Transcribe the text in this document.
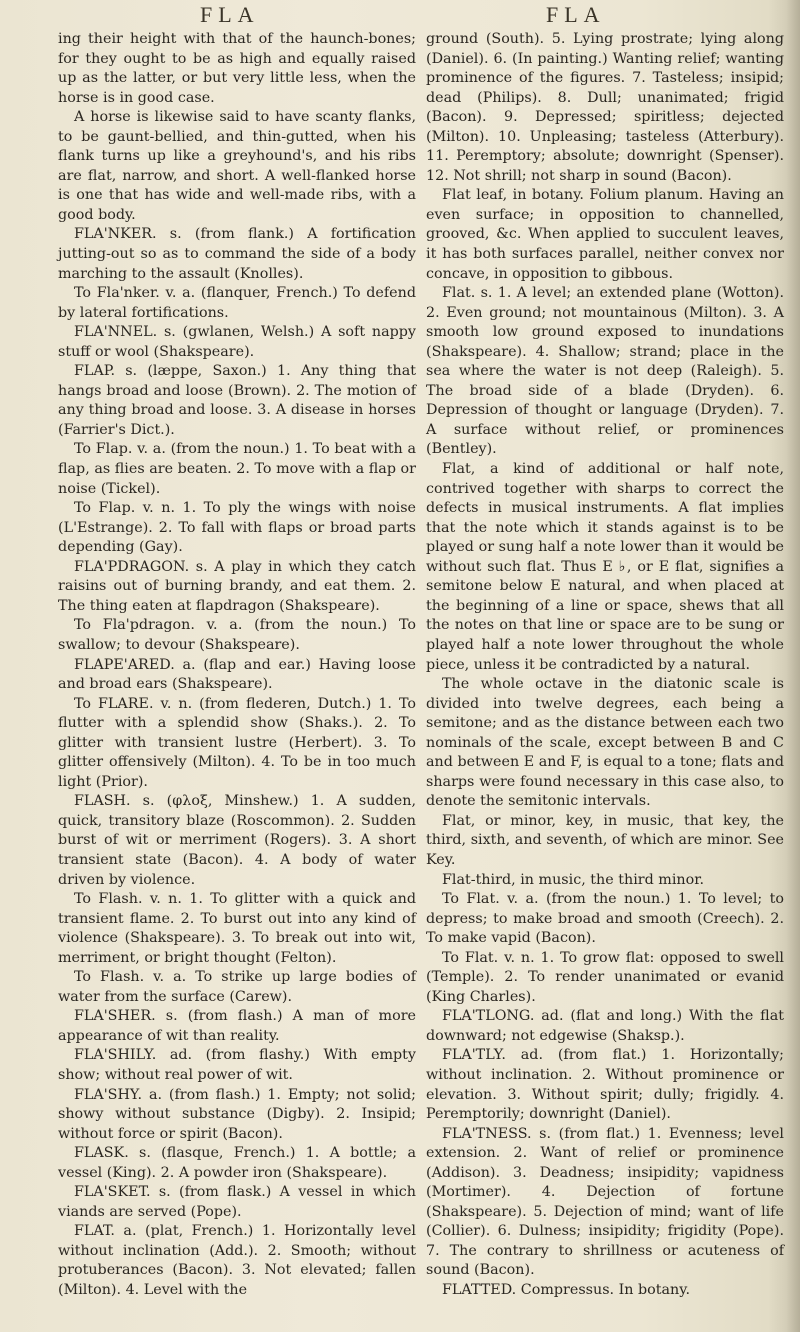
FLA	FLA

ing their height with that of the haunch-bones; for they ought to be as high and equally raised up as the latter, or but very little less, when the horse is in good case.

A horse is likewise said to have scanty flanks, to be gaunt-bellied, and thin-gutted, when his flank turns up like a greyhound's, and his ribs are flat, narrow, and short. A well-flanked horse is one that has wide and well-made ribs, with a good body.

FLA'NKER. s. (from flank.) A fortification jutting-out so as to command the side of a body marching to the assault (Knolles).

To Fla'nker. v. a. (flanquer, French.) To defend by lateral fortifications.

FLA'NNEL. s. (gwlanen, Welsh.) A soft nappy stuff or wool (Shakspeare).

FLAP. s. (læppe, Saxon.) 1. Any thing that hangs broad and loose (Brown). 2. The motion of any thing broad and loose. 3. A disease in horses (Farrier's Dict.).

To Flap. v. a. (from the noun.) 1. To beat with a flap, as flies are beaten. 2. To move with a flap or noise (Tickel).

To Flap. v. n. 1. To ply the wings with noise (L'Estrange). 2. To fall with flaps or broad parts depending (Gay).

FLA'PDRAGON. s. A play in which they catch raisins out of burning brandy, and eat them. 2. The thing eaten at flapdragon (Shakspeare).

To Fla'pdragon. v. a. (from the noun.) To swallow; to devour (Shakspeare).

FLAPE'ARED. a. (flap and ear.) Having loose and broad ears (Shakspeare).

To FLARE. v. n. (from flederen, Dutch.) 1. To flutter with a splendid show (Shaks.). 2. To glitter with transient lustre (Herbert). 3. To glitter offensively (Milton). 4. To be in too much light (Prior).

FLASH. s. (φλοξ, Minshew.) 1. A sudden, quick, transitory blaze (Roscommon). 2. Sudden burst of wit or merriment (Rogers). 3. A short transient state (Bacon). 4. A body of water driven by violence.

To Flash. v. n. 1. To glitter with a quick and transient flame. 2. To burst out into any kind of violence (Shakspeare). 3. To break out into wit, merriment, or bright thought (Felton).

To Flash. v. a. To strike up large bodies of water from the surface (Carew).

FLA'SHER. s. (from flash.) A man of more appearance of wit than reality.

FLA'SHILY. ad. (from flashy.) With empty show; without real power of wit.

FLA'SHY. a. (from flash.) 1. Empty; not solid; showy without substance (Digby). 2. Insipid; without force or spirit (Bacon).

FLASK. s. (flasque, French.) 1. A bottle; a vessel (King). 2. A powder iron (Shakspeare).

FLA'SKET. s. (from flask.) A vessel in which viands are served (Pope).

FLAT. a. (plat, French.) 1. Horizontally level without inclination (Add.). 2. Smooth; without protuberances (Bacon). 3. Not elevated; fallen (Milton). 4. Level with the

ground (South). 5. Lying prostrate; lying along (Daniel). 6. (In painting.) Wanting relief; wanting prominence of the figures. 7. Tasteless; insipid; dead (Philips). 8. Dull; unanimated; frigid (Bacon). 9. Depressed; spiritless; dejected (Milton). 10. Unpleasing; tasteless (Atterbury). 11. Peremptory; absolute; downright (Spenser). 12. Not shrill; not sharp in sound (Bacon).

Flat leaf, in botany. Folium planum. Having an even surface; in opposition to channelled, grooved, &c. When applied to succulent leaves, it has both surfaces parallel, neither convex nor concave, in opposition to gibbous.

Flat. s. 1. A level; an extended plane (Wotton). 2. Even ground; not mountainous (Milton). 3. A smooth low ground exposed to inundations (Shakspeare). 4. Shallow; strand; place in the sea where the water is not deep (Raleigh). 5. The broad side of a blade (Dryden). 6. Depression of thought or language (Dryden). 7. A surface without relief, or prominences (Bentley).

Flat, a kind of additional or half note, contrived together with sharps to correct the defects in musical instruments. A flat implies that the note which it stands against is to be played or sung half a note lower than it would be without such flat. Thus E ♭, or E flat, signifies a semitone below E natural, and when placed at the beginning of a line or space, shews that all the notes on that line or space are to be sung or played half a note lower throughout the whole piece, unless it be contradicted by a natural.

The whole octave in the diatonic scale is divided into twelve degrees, each being a semitone; and as the distance between each two nominals of the scale, except between B and C and between E and F, is equal to a tone; flats and sharps were found necessary in this case also, to denote the semitonic intervals.

Flat, or minor, key, in music, that key, the third, sixth, and seventh, of which are minor. See Key.

Flat-third, in music, the third minor.

To Flat. v. a. (from the noun.) 1. To level; to depress; to make broad and smooth (Creech). 2. To make vapid (Bacon).

To Flat. v. n. 1. To grow flat: opposed to swell (Temple). 2. To render unanimated or evanid (King Charles).

FLA'TLONG. ad. (flat and long.) With the flat downward; not edgewise (Shaksp.).

FLA'TLY. ad. (from flat.) 1. Horizontally; without inclination. 2. Without prominence or elevation. 3. Without spirit; dully; frigidly. 4. Peremptorily; downright (Daniel).

FLA'TNESS. s. (from flat.) 1. Evenness; level extension. 2. Want of relief or prominence (Addison). 3. Deadness; insipidity; vapidness (Mortimer). 4. Dejection of fortune (Shakspeare). 5. Dejection of mind; want of life (Collier). 6. Dulness; insipidity; frigidity (Pope). 7. The contrary to shrillness or acuteness of sound (Bacon).

FLATTED. Compressus. In botany.
